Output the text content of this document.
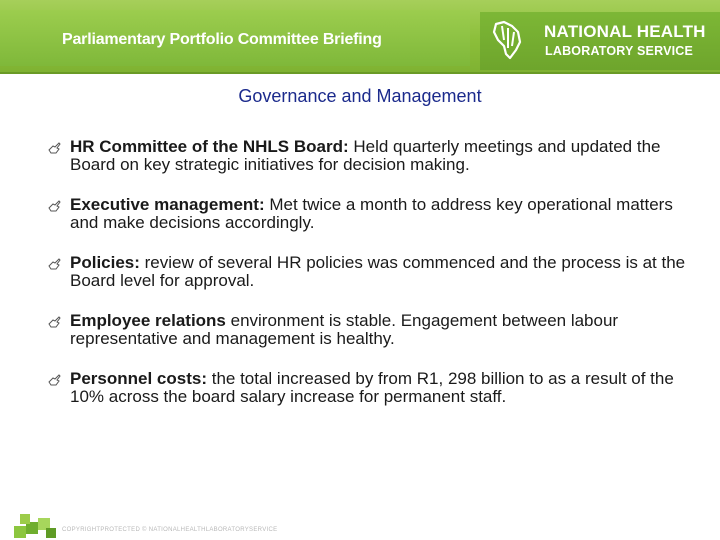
Parliamentary Portfolio Committee Briefing	NATIONAL HEALTH
LABORATORY SERVICE
Governance and Management
HR Committee of the NHLS Board: Held quarterly meetings and updated the Board on key strategic initiatives for decision making.
Executive management: Met twice a month to address key operational matters and make decisions accordingly.
Policies: review of several HR policies was commenced and the process is at the Board level for approval.
Employee relations environment is stable. Engagement between labour representative and management is healthy.
Personnel costs: the total increased by from R1, 298 billion to as a result of the 10% across the board salary increase for permanent staff.
COPYRIGHTPROTECTED © NATIONALHEALTHLABORATORYSERVICE
